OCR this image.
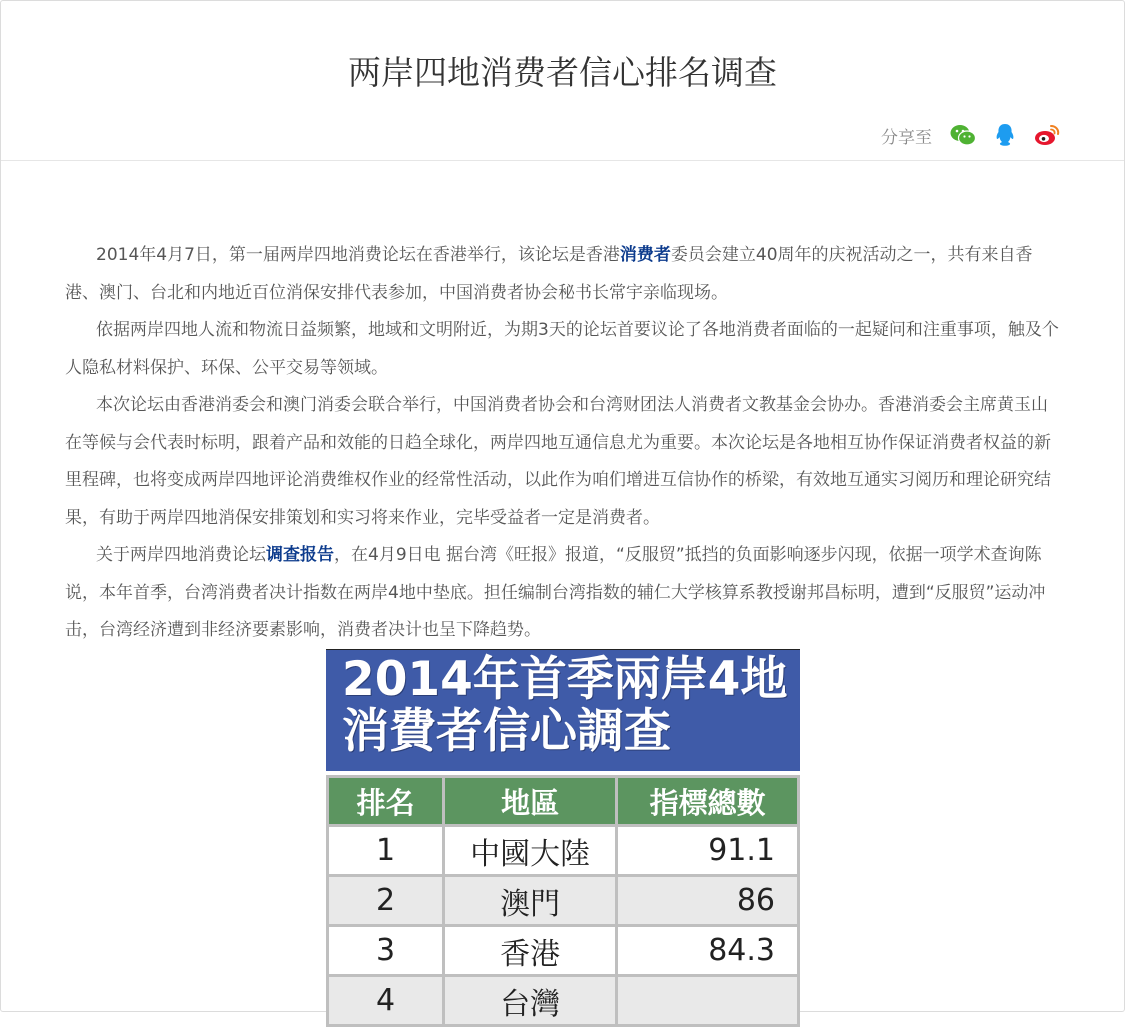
两岸四地消费者信心排名调查
分享至

2014年4月7日，第一届两岸四地消费论坛在香港举行，该论坛是香港消费者委员会建立40周年的庆祝活动之一，共有来自香港、澳门、台北和内地近百位消保安排代表参加，中国消费者协会秘书长常宇亲临现场。

依据两岸四地人流和物流日益频繁，地域和文明附近，为期3天的论坛首要议论了各地消费者面临的一起疑问和注重事项，触及个人隐私材料保护、环保、公平交易等领域。

本次论坛由香港消委会和澳门消委会联合举行，中国消费者协会和台湾财团法人消费者文教基金会协办。香港消委会主席黄玉山在等候与会代表时标明，跟着产品和效能的日趋全球化，两岸四地互通信息尤为重要。本次论坛是各地相互协作保证消费者权益的新里程碑，也将变成两岸四地评论消费维权作业的经常性活动，以此作为咱们增进互信协作的桥梁，有效地互通实习阅历和理论研究结果，有助于两岸四地消保安排策划和实习将来作业，完毕受益者一定是消费者。

关于两岸四地消费论坛调查报告，在4月9日电 据台湾《旺报》报道，“反服贸”抵挡的负面影响逐步闪现，依据一项学术查询陈说，本年首季，台湾消费者决计指数在两岸4地中垫底。担任编制台湾指数的辅仁大学核算系教授谢邦昌标明，遭到“反服贸”运动冲击，台湾经济遭到非经济要素影响，消费者决计也呈下降趋势。

2014年首季兩岸4地
消費者信心調查
排名	地區	指標總數
1	中國大陸	91.1
2	澳門	86
3	香港	84.3
4	台灣	
